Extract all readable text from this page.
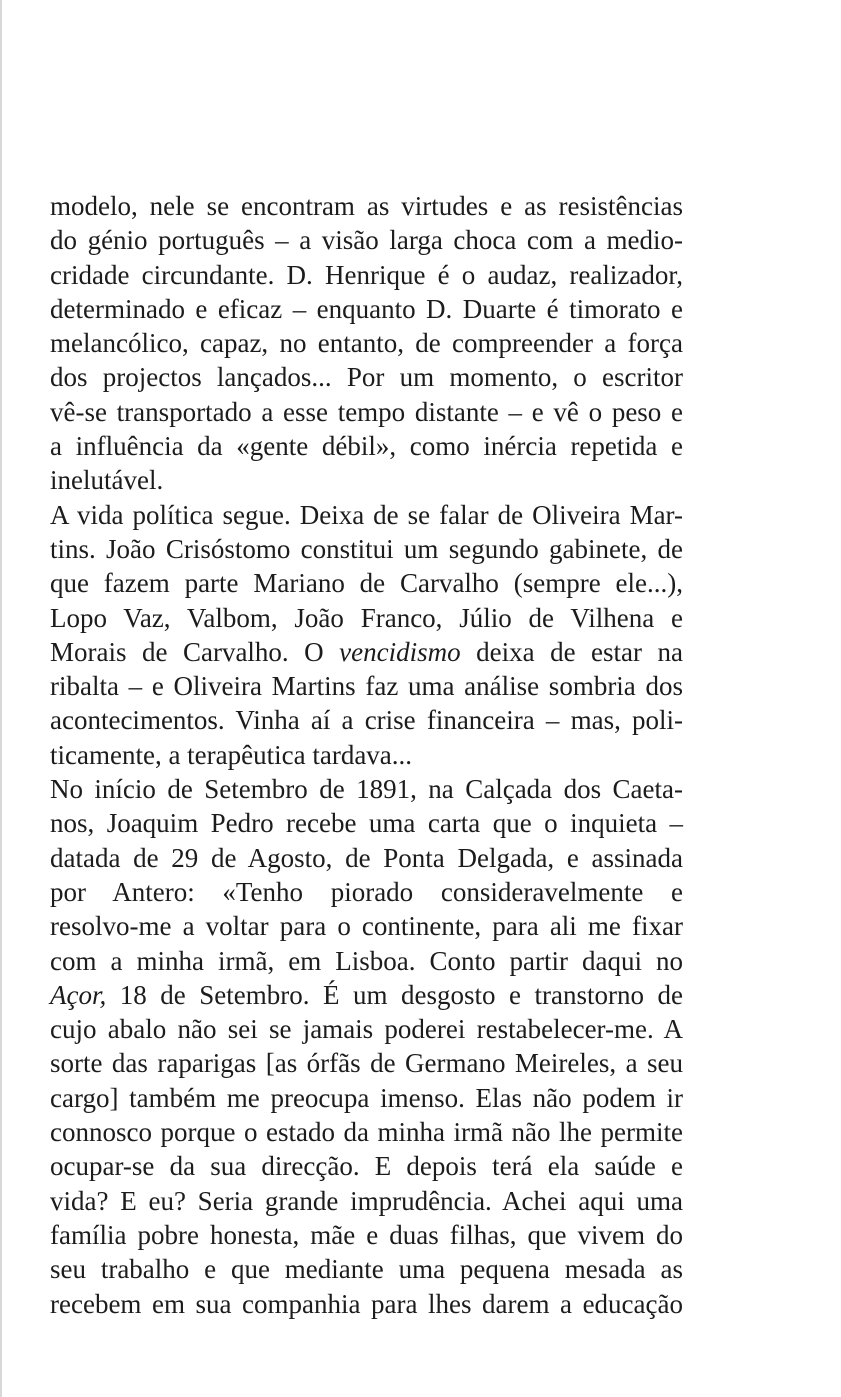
modelo, nele se encontram as virtudes e as resistências
do génio português – a visão larga choca com a medio-
cridade circundante. D. Henrique é o audaz, realizador,
determinado e eficaz – enquanto D. Duarte é timorato e
melancólico, capaz, no entanto, de compreender a força
dos projectos lançados... Por um momento, o escritor
vê-se transportado a esse tempo distante – e vê o peso e
a influência da «gente débil», como inércia repetida e
inelutável.
A vida política segue. Deixa de se falar de Oliveira Mar-
tins. João Crisóstomo constitui um segundo gabinete, de
que fazem parte Mariano de Carvalho (sempre ele...),
Lopo Vaz, Valbom, João Franco, Júlio de Vilhena e
Morais de Carvalho. O vencidismo deixa de estar na
ribalta – e Oliveira Martins faz uma análise sombria dos
acontecimentos. Vinha aí a crise financeira – mas, poli-
ticamente, a terapêutica tardava...
No início de Setembro de 1891, na Calçada dos Caeta-
nos, Joaquim Pedro recebe uma carta que o inquieta –
datada de 29 de Agosto, de Ponta Delgada, e assinada
por Antero: «Tenho piorado consideravelmente e
resolvo-me a voltar para o continente, para ali me fixar
com a minha irmã, em Lisboa. Conto partir daqui no
Açor, 18 de Setembro. É um desgosto e transtorno de
cujo abalo não sei se jamais poderei restabelecer-me. A
sorte das raparigas [as órfãs de Germano Meireles, a seu
cargo] também me preocupa imenso. Elas não podem ir
connosco porque o estado da minha irmã não lhe permite
ocupar-se da sua direcção. E depois terá ela saúde e
vida? E eu? Seria grande imprudência. Achei aqui uma
família pobre honesta, mãe e duas filhas, que vivem do
seu trabalho e que mediante uma pequena mesada as
recebem em sua companhia para lhes darem a educação
